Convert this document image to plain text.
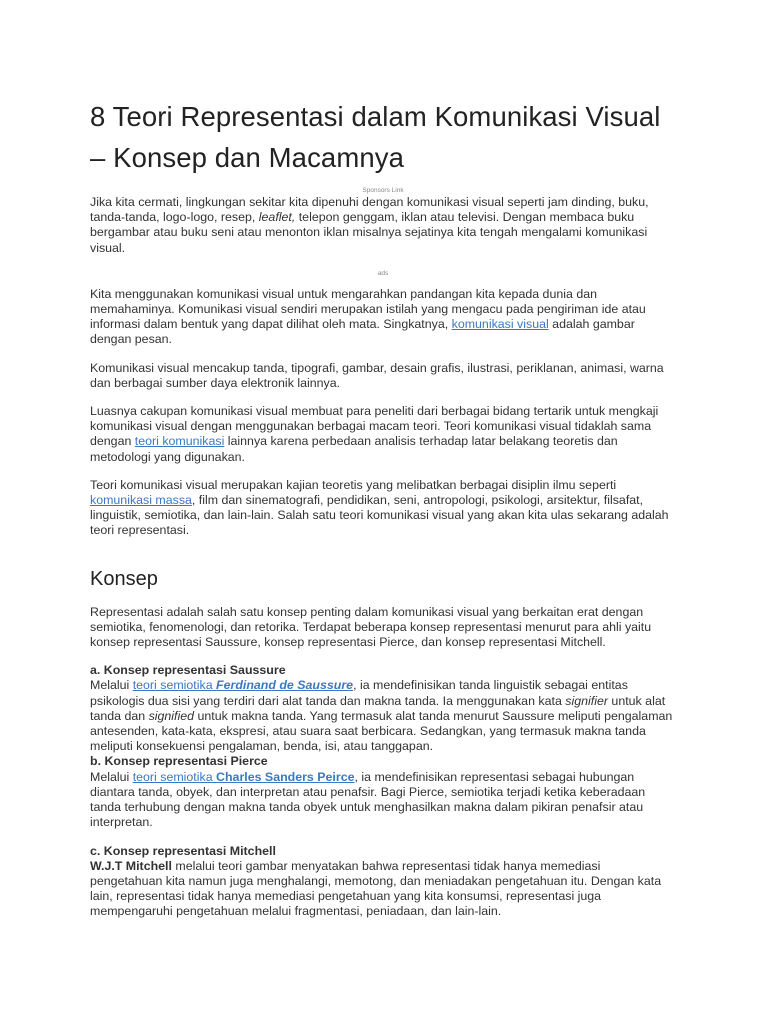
8 Teori Representasi dalam Komunikasi Visual – Konsep dan Macamnya
Sponsors Link

Jika kita cermati, lingkungan sekitar kita dipenuhi dengan komunikasi visual seperti jam dinding, buku, tanda-tanda, logo-logo, resep, leaflet, telepon genggam, iklan atau televisi. Dengan membaca buku bergambar atau buku seni atau menonton iklan misalnya sejatinya kita tengah mengalami komunikasi visual.

ads

Kita menggunakan komunikasi visual untuk mengarahkan pandangan kita kepada dunia dan memahaminya. Komunikasi visual sendiri merupakan istilah yang mengacu pada pengiriman ide atau informasi dalam bentuk yang dapat dilihat oleh mata. Singkatnya, komunikasi visual adalah gambar dengan pesan.

Komunikasi visual mencakup tanda, tipografi, gambar, desain grafis, ilustrasi, periklanan, animasi, warna dan berbagai sumber daya elektronik lainnya.

Luasnya cakupan komunikasi visual membuat para peneliti dari berbagai bidang tertarik untuk mengkaji komunikasi visual dengan menggunakan berbagai macam teori. Teori komunikasi visual tidaklah sama dengan teori komunikasi lainnya karena perbedaan analisis terhadap latar belakang teoretis dan metodologi yang digunakan.

Teori komunikasi visual merupakan kajian teoretis yang melibatkan berbagai disiplin ilmu seperti komunikasi massa, film dan sinematografi, pendidikan, seni, antropologi, psikologi, arsitektur, filsafat, linguistik, semiotika, dan lain-lain. Salah satu teori komunikasi visual yang akan kita ulas sekarang adalah teori representasi.

Konsep

Representasi adalah salah satu konsep penting dalam komunikasi visual yang berkaitan erat dengan semiotika, fenomenologi, dan retorika. Terdapat beberapa konsep representasi menurut para ahli yaitu konsep representasi Saussure, konsep representasi Pierce, dan konsep representasi Mitchell.

a. Konsep representasi Saussure

Melalui teori semiotika Ferdinand de Saussure, ia mendefinisikan tanda linguistik sebagai entitas psikologis dua sisi yang terdiri dari alat tanda dan makna tanda. Ia menggunakan kata signifier untuk alat tanda dan signified untuk makna tanda. Yang termasuk alat tanda menurut Saussure meliputi pengalaman antesenden, kata-kata, ekspresi, atau suara saat berbicara. Sedangkan, yang termasuk makna tanda meliputi konsekuensi pengalaman, benda, isi, atau tanggapan.

b. Konsep representasi Pierce

Melalui teori semiotika Charles Sanders Peirce, ia mendefinisikan representasi sebagai hubungan diantara tanda, obyek, dan interpretan atau penafsir. Bagi Pierce, semiotika terjadi ketika keberadaan tanda terhubung dengan makna tanda obyek untuk menghasilkan makna dalam pikiran penafsir atau interpretan.

c. Konsep representasi Mitchell

W.J.T Mitchell melalui teori gambar menyatakan bahwa representasi tidak hanya memediasi pengetahuan kita namun juga menghalangi, memotong, dan meniadakan pengetahuan itu. Dengan kata lain, representasi tidak hanya memediasi pengetahuan yang kita konsumsi, representasi juga mempengaruhi pengetahuan melalui fragmentasi, peniadaan, dan lain-lain.
